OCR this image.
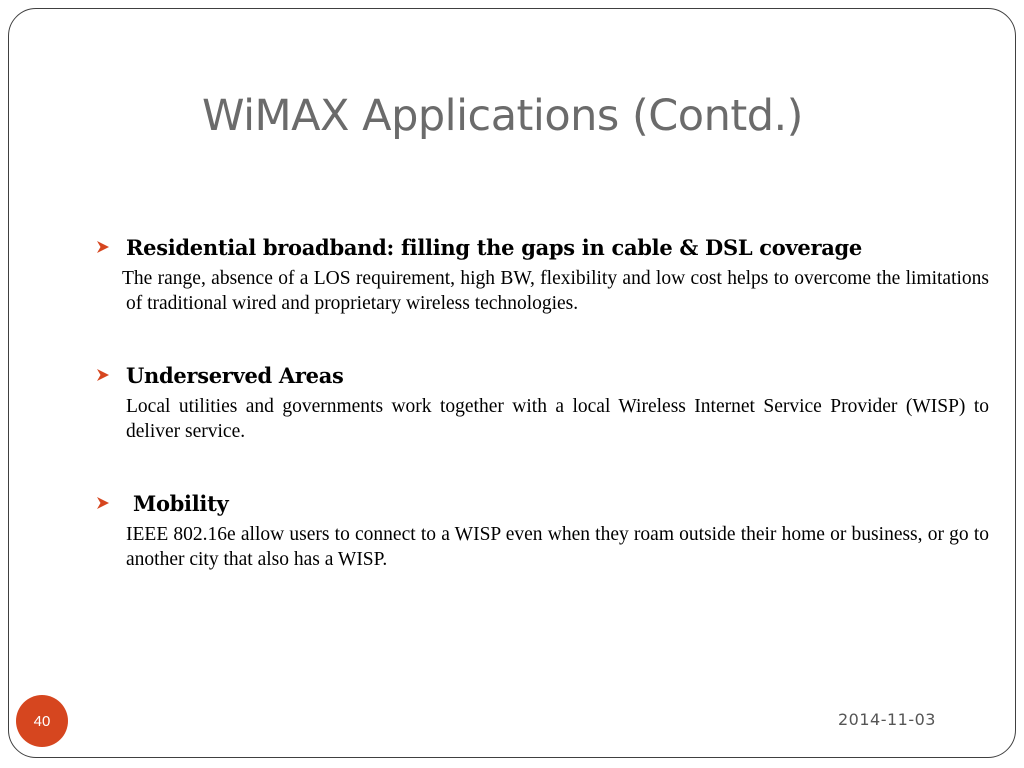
WiMAX Applications (Contd.)
Residential broadband: filling the gaps in cable & DSL coverage

The range, absence of a LOS requirement, high BW, flexibility and low cost helps to overcome the limitations of traditional wired and proprietary wireless technologies.

Underserved Areas

Local utilities and governments work together with a local Wireless Internet Service Provider (WISP) to deliver service.

Mobility

IEEE 802.16e allow users to connect to a WISP even when they roam outside their home or business, or go to another city that also has a WISP.

40	2014-11-03
